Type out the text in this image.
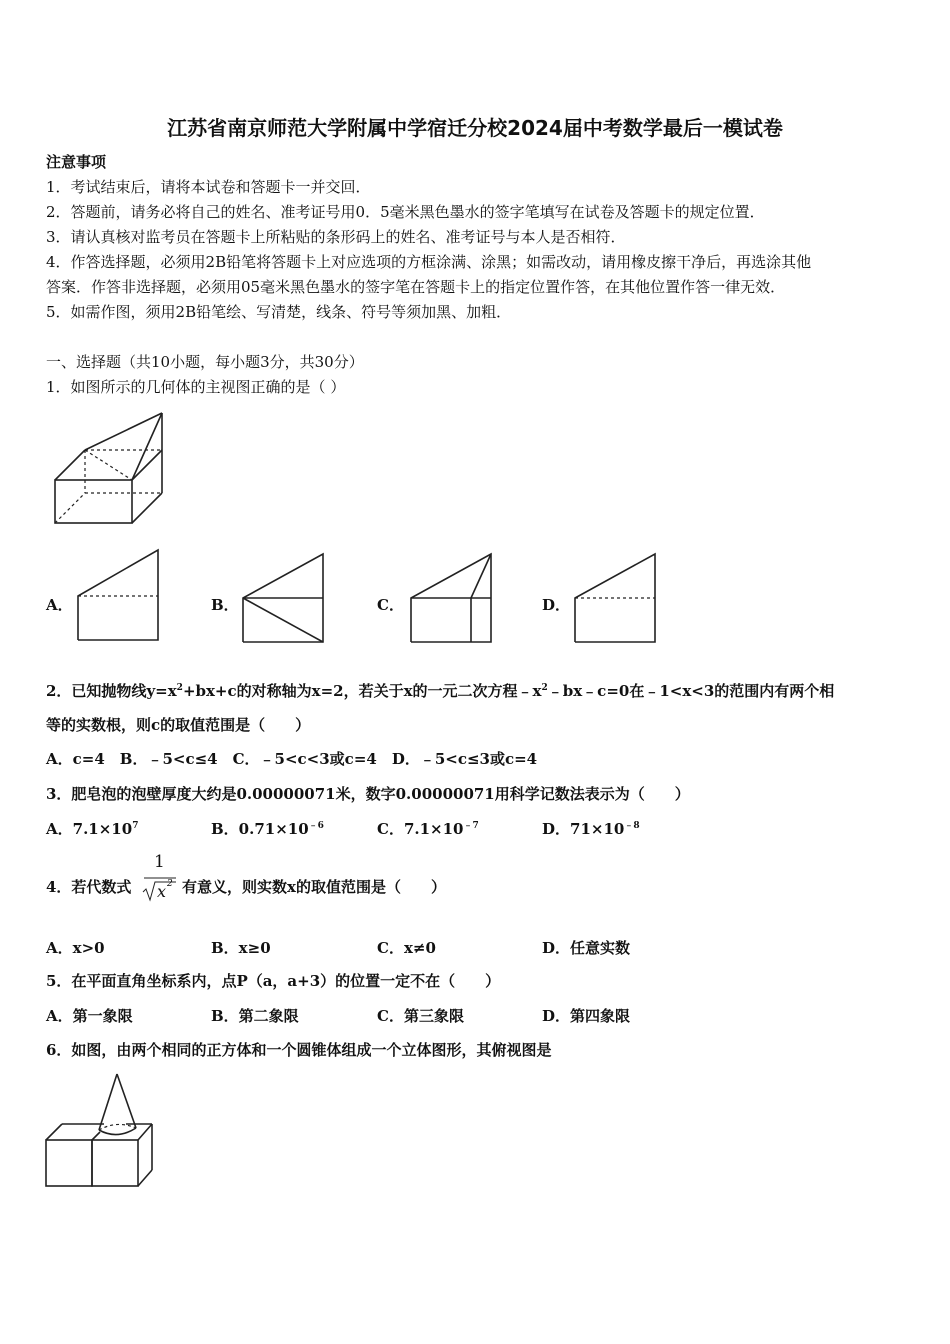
江苏省南京师范大学附属中学宿迁分校2024届中考数学最后一模试卷
注意事项
1．考试结束后，请将本试卷和答题卡一并交回．
2．答题前，请务必将自己的姓名、准考证号用0．5毫米黑色墨水的签字笔填写在试卷及答题卡的规定位置．
3．请认真核对监考员在答题卡上所粘贴的条形码上的姓名、准考证号与本人是否相符．
4．作答选择题，必须用2B铅笔将答题卡上对应选项的方框涂满、涂黑；如需改动，请用橡皮擦干净后，再选涂其他
答案．作答非选择题，必须用05毫米黑色墨水的签字笔在答题卡上的指定位置作答，在其他位置作答一律无效．
5．如需作图，须用2B铅笔绘、写清楚，线条、符号等须加黑、加粗．
一、选择题（共10小题，每小题3分，共30分）
1．如图所示的几何体的主视图正确的是（ ）
A．	B．	C．	D．
2．已知抛物线$y=x^2+bx+c$的对称轴为x=2，若关于x的一元二次方程$﹣x^2﹣bx﹣c=0$在﹣1<x<3的范围内有两个相
等的实数根，则c的取值范围是（　　）
A．c=4　B．﹣5<c≤4　C．﹣5<c<3或c=4　D．﹣5<c≤3或c=4
3．肥皂泡的泡壁厚度大约是0.00000071米，数字0.00000071用科学记数法表示为（　　）
A．$7.1\times 10^7$	B．$0.71\times 10^{﹣6}$	C．$7.1\times 10^{﹣7}$	D．$71\times 10^{﹣8}$
4．若代数式
1
x 2 有意义，则实数x的取值范围是（　　）
A．x>0	B．x≥0	C．x≠0	D．任意实数
5．在平面直角坐标系内，点P（a，a+3）的位置一定不在（　　）
A．第一象限	B．第二象限	C．第三象限	D．第四象限
6．如图，由两个相同的正方体和一个圆锥体组成一个立体图形，其俯视图是
